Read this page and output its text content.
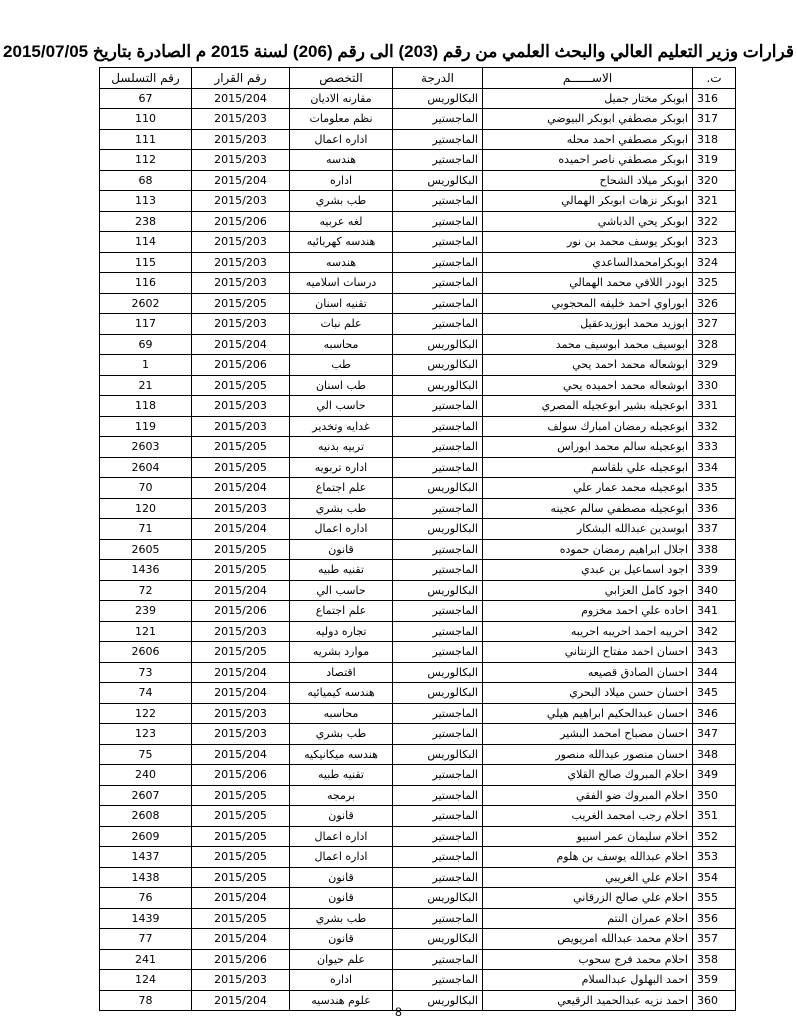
قرارات وزير التعليم العالي والبحث العلمي من رقم (203) الى رقم (206) لسنة 2015 م الصادرة بتاريخ 2015/07/05
ت.	الاســــــم	الدرجة	التخصص	رقم القرار	رقم التسلسل
316	ابوبكر مختار جميل	البكالوريس	مقارنه الاديان	2015/204	67
317	ابوبكر مصطفي ابوبكر البيوضي	الماجستير	نظم معلومات	2015/203	110
318	ابوبكر مصطفي احمد محله	الماجستير	اداره اعمال	2015/203	111
319	ابوبكر مصطفي ناصر احميده	الماجستير	هندسه	2015/203	112
320	ابوبكر ميلاد الشحاح	البكالوريس	اداره	2015/204	68
321	ابوبكر نزهات ابوبكر الهمالي	الماجستير	طب بشري	2015/203	113
322	ابوبكر يحي الدباشي	الماجستير	لغه عربيه	2015/206	238
323	ابوبكر يوسف محمد بن نور	الماجستير	هندسه كهربائيه	2015/203	114
324	ابوبكرامحمدالساعدي	الماجستير	هندسه	2015/203	115
325	ابودر اللافي محمد الهمالي	الماجستير	درسات اسلاميه	2015/203	116
326	ابوراوي احمد خليفه المحجوبي	الماجستير	تقنيه اسنان	2015/205	2602
327	ابوزيد محمد ابوزيدعقيل	الماجستير	علم نبات	2015/203	117
328	ابوسيف محمد ابوسيف محمد	البكالوريس	محاسبه	2015/204	69
329	ابوشعاله محمد احمد يحي	البكالوريس	طب	2015/206	1
330	ابوشعاله محمد احميده يحي	البكالوريس	طب اسنان	2015/205	21
331	ابوعجيله بشير ابوعجيله المصري	الماجستير	حاسب الي	2015/203	118
332	ابوعجيله رمضان امبارك سولف	الماجستير	غدايه وتخدير	2015/203	119
333	ابوعجيله سالم محمد ابوراس	الماجستير	تربيه بدنيه	2015/205	2603
334	ابوعجيله علي بلقاسم	الماجستير	اداره تربويه	2015/205	2604
335	ابوعجيله محمد عمار علي	البكالوريس	علم اجتماع	2015/204	70
336	ابوعجيله مصطفي سالم عجينه	الماجستير	طب بشري	2015/203	120
337	ابوسدين عبدالله البشكار	البكالوريس	اداره اعمال	2015/204	71
338	اجلال ابراهيم رمضان حموده	الماجستير	قانون	2015/205	2605
339	اجود اسماعيل بن عبدي	الماجستير	تقنيه طبيه	2015/205	1436
340	اجود كامل العزابي	البكالوريس	حاسب الي	2015/204	72
341	احاده علي احمد مخزوم	الماجستير	علم اجتماع	2015/206	239
342	احريبه احمد احريبه احريبه	الماجستير	تجاره دوليه	2015/203	121
343	احسان احمد مفتاح الزنتاني	الماجستير	موارد بشريه	2015/205	2606
344	احسان الصادق قصيعه	البكالوريس	اقتصاد	2015/204	73
345	احسان حسن ميلاد البحري	البكالوريس	هندسه كيميائيه	2015/204	74
346	احسان عبدالحكيم ابراهيم هيلي	الماجستير	محاسبه	2015/203	122
347	احسان مصباح امحمد البشير	الماجستير	طب بشري	2015/203	123
348	احسان منصور عبدالله منصور	البكالوريس	هندسه ميكانيكيه	2015/204	75
349	احلام المبروك صالح القلاي	الماجستير	تقنيه طبيه	2015/206	240
350	احلام المبروك ضو الفقي	الماجستير	برمجه	2015/205	2607
351	احلام رجب امحمد الغريب	الماجستير	قانون	2015/205	2608
352	احلام سليمان عمر اسبيو	الماجستير	اداره اعمال	2015/205	2609
353	احلام عبدالله يوسف بن هلوم	الماجستير	اداره اعمال	2015/205	1437
354	احلام علي الغريبي	الماجستير	قانون	2015/205	1438
355	احلام علي صالح الزرقاني	البكالوريس	قانون	2015/204	76
356	احلام عمران النتم	الماجستير	طب بشري	2015/205	1439
357	احلام محمد عبدالله امريويص	البكالوريس	قانون	2015/204	77
358	احلام محمد فرج سحوب	الماجستير	علم حيوان	2015/206	241
359	احمد البهلول عبدالسلام	الماجستير	اداره	2015/203	124
360	احمد نزيه عبدالحميد الرقيعي	البكالوريس	علوم هندسيه	2015/204	78
8
